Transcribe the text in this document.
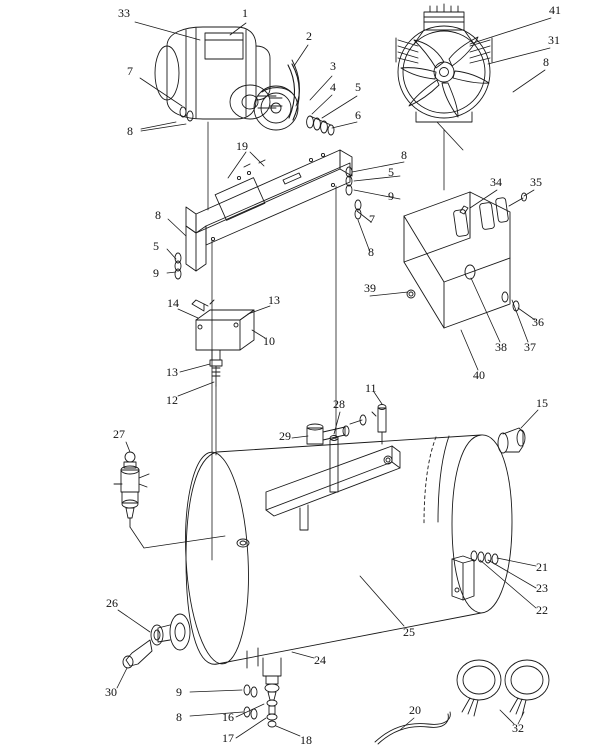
33	1	41
31
2
8
3
7
4 5
6
8
19
8
5
9
34 35
8	7
5	8
9
36
39
14	13
38 37
10
13	40
12
11
28	15
29
27
21
23
22
25
26
24
30	9
20
32
8	16
17	18
